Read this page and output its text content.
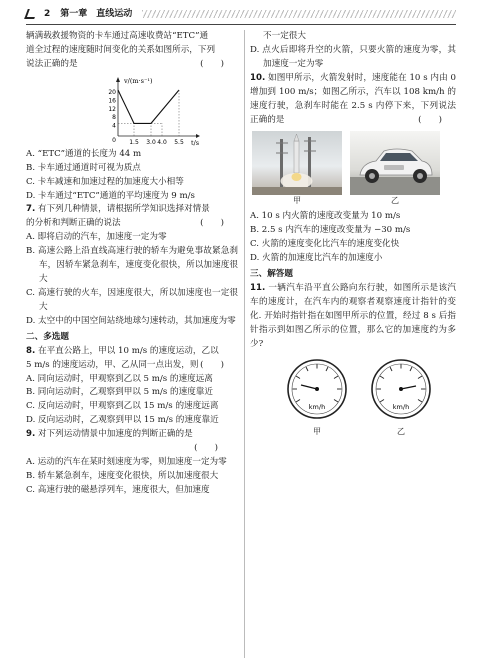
2 第一章　直线运动

辆满载救援物资的卡车通过高速收费站“ETC”通

道全过程的速度随时间变化的关系如图所示，下列

说法正确的是	(　　)

v/(m·s⁻¹)
t/s
20
16
12
8
4
0 1.5 3.0 4.0 5.5

A. “ETC”通道的长度为 44 m

B. 卡车通过通道时可视为质点

C. 卡车减速和加速过程的加速度大小相等

D. 卡车通过“ETC”通道的平均速度为 9 m/s

7. 有下列几种情景，请根据所学知识选择对情景

的分析和判断正确的说法	(　　)

A. 即将启动的汽车，加速度一定为零

B. 高速公路上沿直线高速行驶的轿车为避免事故紧急刹车，因轿车紧急刹车，速度变化很快，所以加速度很大

C. 高速行驶的火车，因速度很大，所以加速度也一定很大

D. 太空中的中国空间站绕地球匀速转动，其加速度为零

二、多选题

8. 在平直公路上，甲以 10 m/s 的速度运动，乙以

5 m/s 的速度运动，甲、乙从同一点出发，则 (　　)

A. 同向运动时，甲观察到乙以 5 m/s 的速度远离

B. 同向运动时，乙观察到甲以 5 m/s 的速度靠近

C. 反向运动时，甲观察到乙以 15 m/s 的速度远离

D. 反向运动时，乙观察到甲以 15 m/s 的速度靠近

9. 对下列运动情景中加速度的判断正确的是

(　　)

A. 运动的汽车在某时刻速度为零，则加速度一定为零

B. 轿车紧急刹车，速度变化很快，所以加速度很大

C. 高速行驶的磁悬浮列车，速度很大，但加速度

不一定很大

D. 点火后即将升空的火箭，只要火箭的速度为零，其加速度一定为零

10. 如图甲所示，火箭发射时，速度能在 10 s 内由 0 增加到 100 m/s；如图乙所示，汽车以 108 km/h 的速度行驶，急刹车时能在 2.5 s 内停下来，下列说法正确的是	(　　)

甲	乙

A. 10 s 内火箭的速度改变量为 10 m/s

B. 2.5 s 内汽车的速度改变量为 −30 m/s

C. 火箭的速度变化比汽车的速度变化快

D. 火箭的加速度比汽车的加速度小

三、解答题

11. 一辆汽车沿平直公路向东行驶，如图所示是该汽车的速度计，在汽车内的观察者观察速度计指针的变化. 开始时指针指在如图甲所示的位置，经过 8 s 后指针指示到如图乙所示的位置，那么它的加速度约为多少?

km/h
甲
km/h
乙
